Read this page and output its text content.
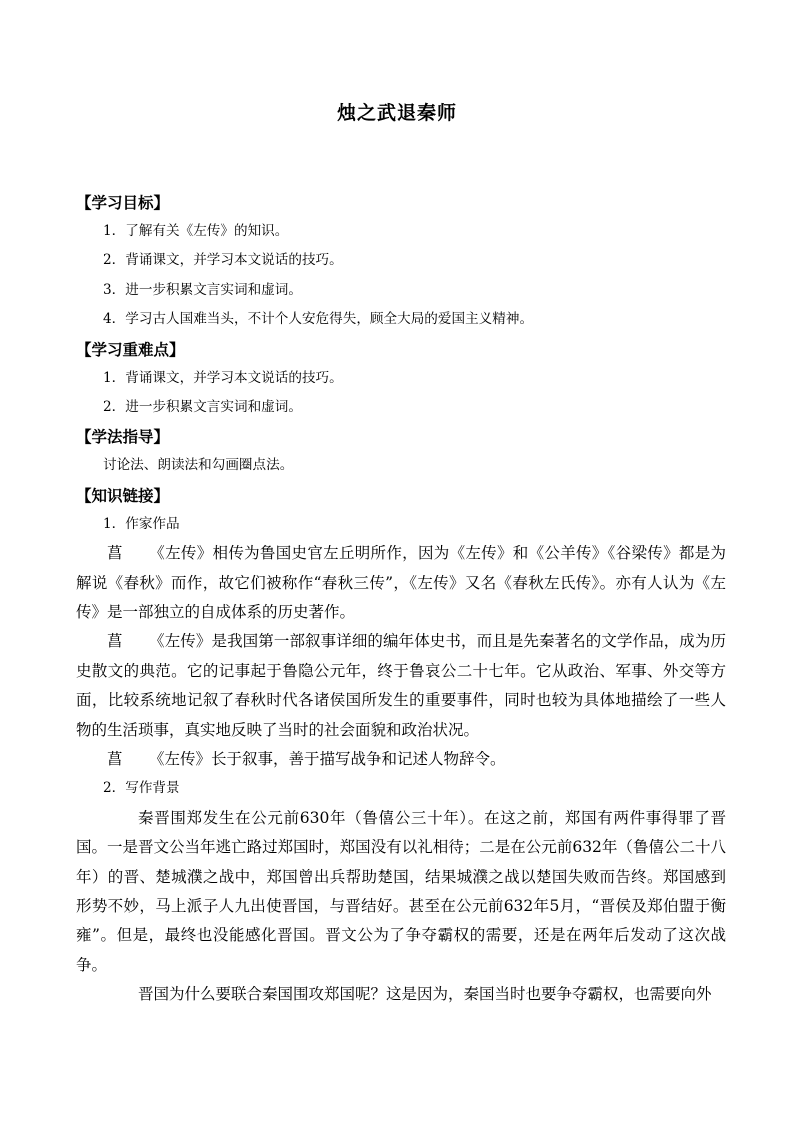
烛之武退秦师

【学习目标】

1．了解有关《左传》的知识。

2．背诵课文，并学习本文说话的技巧。

3．进一步积累文言实词和虚词。

4．学习古人国难当头，不计个人安危得失，顾全大局的爱国主义精神。

【学习重难点】

1．背诵课文，并学习本文说话的技巧。

2．进一步积累文言实词和虚词。

【学法指导】

讨论法、朗读法和勾画圈点法。

【知识链接】

1．作家作品

菖 《左传》相传为鲁国史官左丘明所作，因为《左传》和《公羊传》《谷梁传》都是为解说《春秋》而作，故它们被称作“春秋三传”，《左传》又名《春秋左氏传》。亦有人认为《左传》是一部独立的自成体系的历史著作。

菖 《左传》是我国第一部叙事详细的编年体史书，而且是先秦著名的文学作品，成为历史散文的典范。它的记事起于鲁隐公元年，终于鲁哀公二十七年。它从政治、军事、外交等方面，比较系统地记叙了春秋时代各诸侯国所发生的重要事件，同时也较为具体地描绘了一些人物的生活琐事，真实地反映了当时的社会面貌和政治状况。

菖 《左传》长于叙事，善于描写战争和记述人物辞令。

2．写作背景

秦晋围郑发生在公元前630年（鲁僖公三十年）。在这之前，郑国有两件事得罪了晋国。一是晋文公当年逃亡路过郑国时，郑国没有以礼相待；二是在公元前632年（鲁僖公二十八年）的晋、楚城濮之战中，郑国曾出兵帮助楚国，结果城濮之战以楚国失败而告终。郑国感到形势不妙，马上派子人九出使晋国，与晋结好。甚至在公元前632年5月，“晋侯及郑伯盟于衡雍”。但是，最终也没能感化晋国。晋文公为了争夺霸权的需要，还是在两年后发动了这次战争。

晋国为什么要联合秦国围攻郑国呢？这是因为，秦国当时也要争夺霸权，也需要向外
